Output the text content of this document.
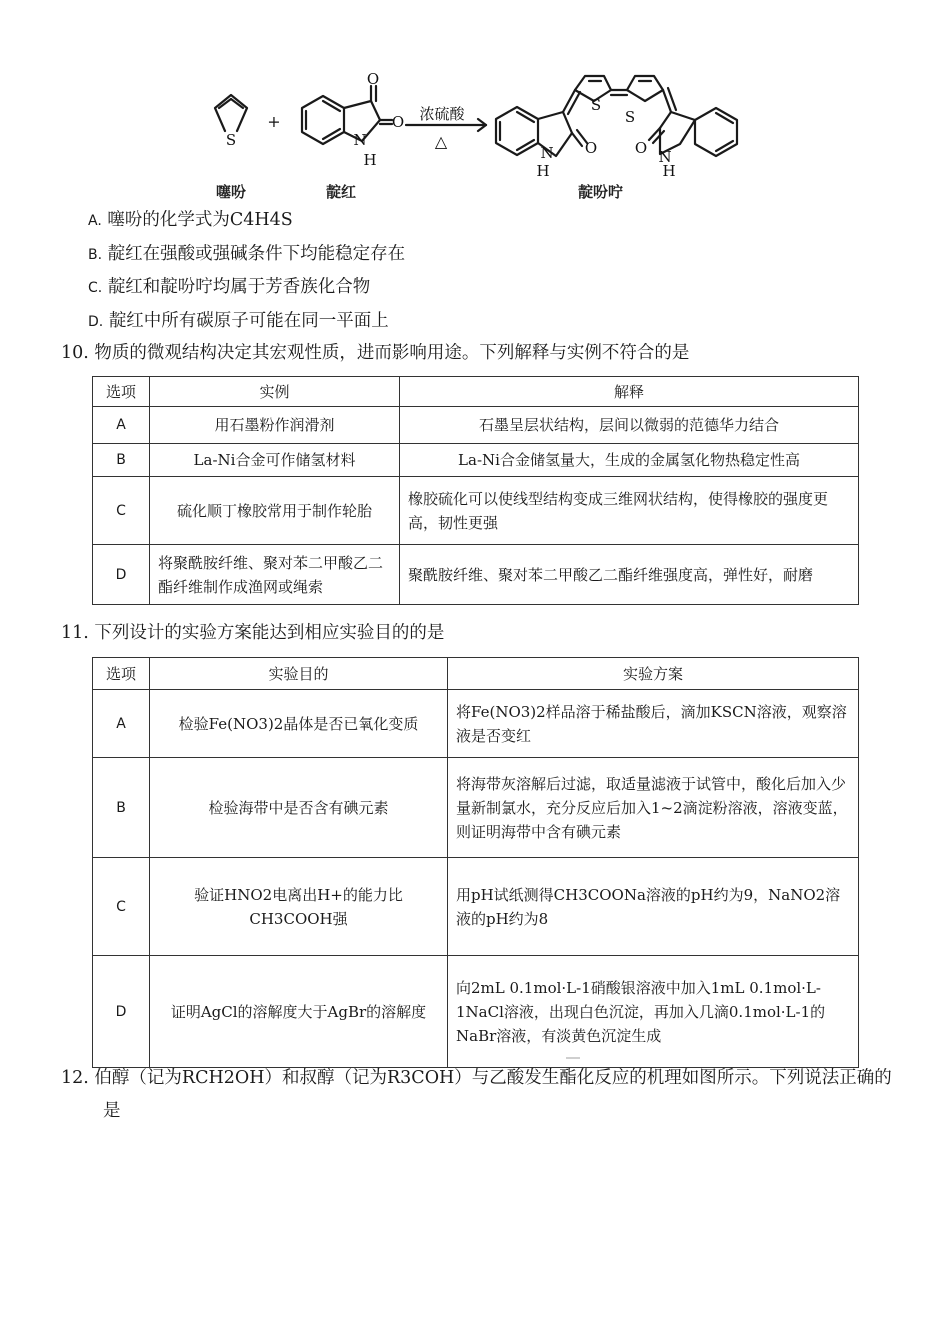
S
+
O
O
N
H
浓硫酸
△
S
S
O	O
N
H
N
H
噻吩	靛红	靛吩咛
A. 噻吩的化学式为C4H4S
B. 靛红在强酸或强碱条件下均能稳定存在
C. 靛红和靛吩咛均属于芳香族化合物
D. 靛红中所有碳原子可能在同一平面上
10. 物质的微观结构决定其宏观性质，进而影响用途。下列解释与实例不符合的是
选项	实例	解释
A	用石墨粉作润滑剂	石墨呈层状结构，层间以微弱的范德华力结合
B	La-Ni合金可作储氢材料	La-Ni合金储氢量大，生成的金属氢化物热稳定性高
C	硫化顺丁橡胶常用于制作轮胎	橡胶硫化可以使线型结构变成三维网状结构，使得橡胶的强度更高，韧性更强
D	将聚酰胺纤维、聚对苯二甲酸乙二酯纤维制作成渔网或绳索	聚酰胺纤维、聚对苯二甲酸乙二酯纤维强度高，弹性好，耐磨
11. 下列设计的实验方案能达到相应实验目的的是
选项	实验目的	实验方案
A	检验Fe(NO3)2晶体是否已氧化变质	将Fe(NO3)2样品溶于稀盐酸后，滴加KSCN溶液，观察溶液是否变红
B	检验海带中是否含有碘元素	将海带灰溶解后过滤，取适量滤液于试管中，酸化后加入少量新制氯水，充分反应后加入1~2滴淀粉溶液，溶液变蓝，则证明海带中含有碘元素
C	验证HNO2电离出H+的能力比CH3COOH强	用pH试纸测得CH3COONa溶液的pH约为9，NaNO2溶液的pH约为8
D	证明AgCl的溶解度大于AgBr的溶解度	向2mL 0.1mol·L-1硝酸银溶液中加入1mL 0.1mol·L-1NaCl溶液，出现白色沉淀，再加入几滴0.1mol·L-1的NaBr溶液，有淡黄色沉淀生成
12. 伯醇（记为RCH2OH）和叔醇（记为R3COH）与乙酸发生酯化反应的机理如图所示。下列说法正确的
是
